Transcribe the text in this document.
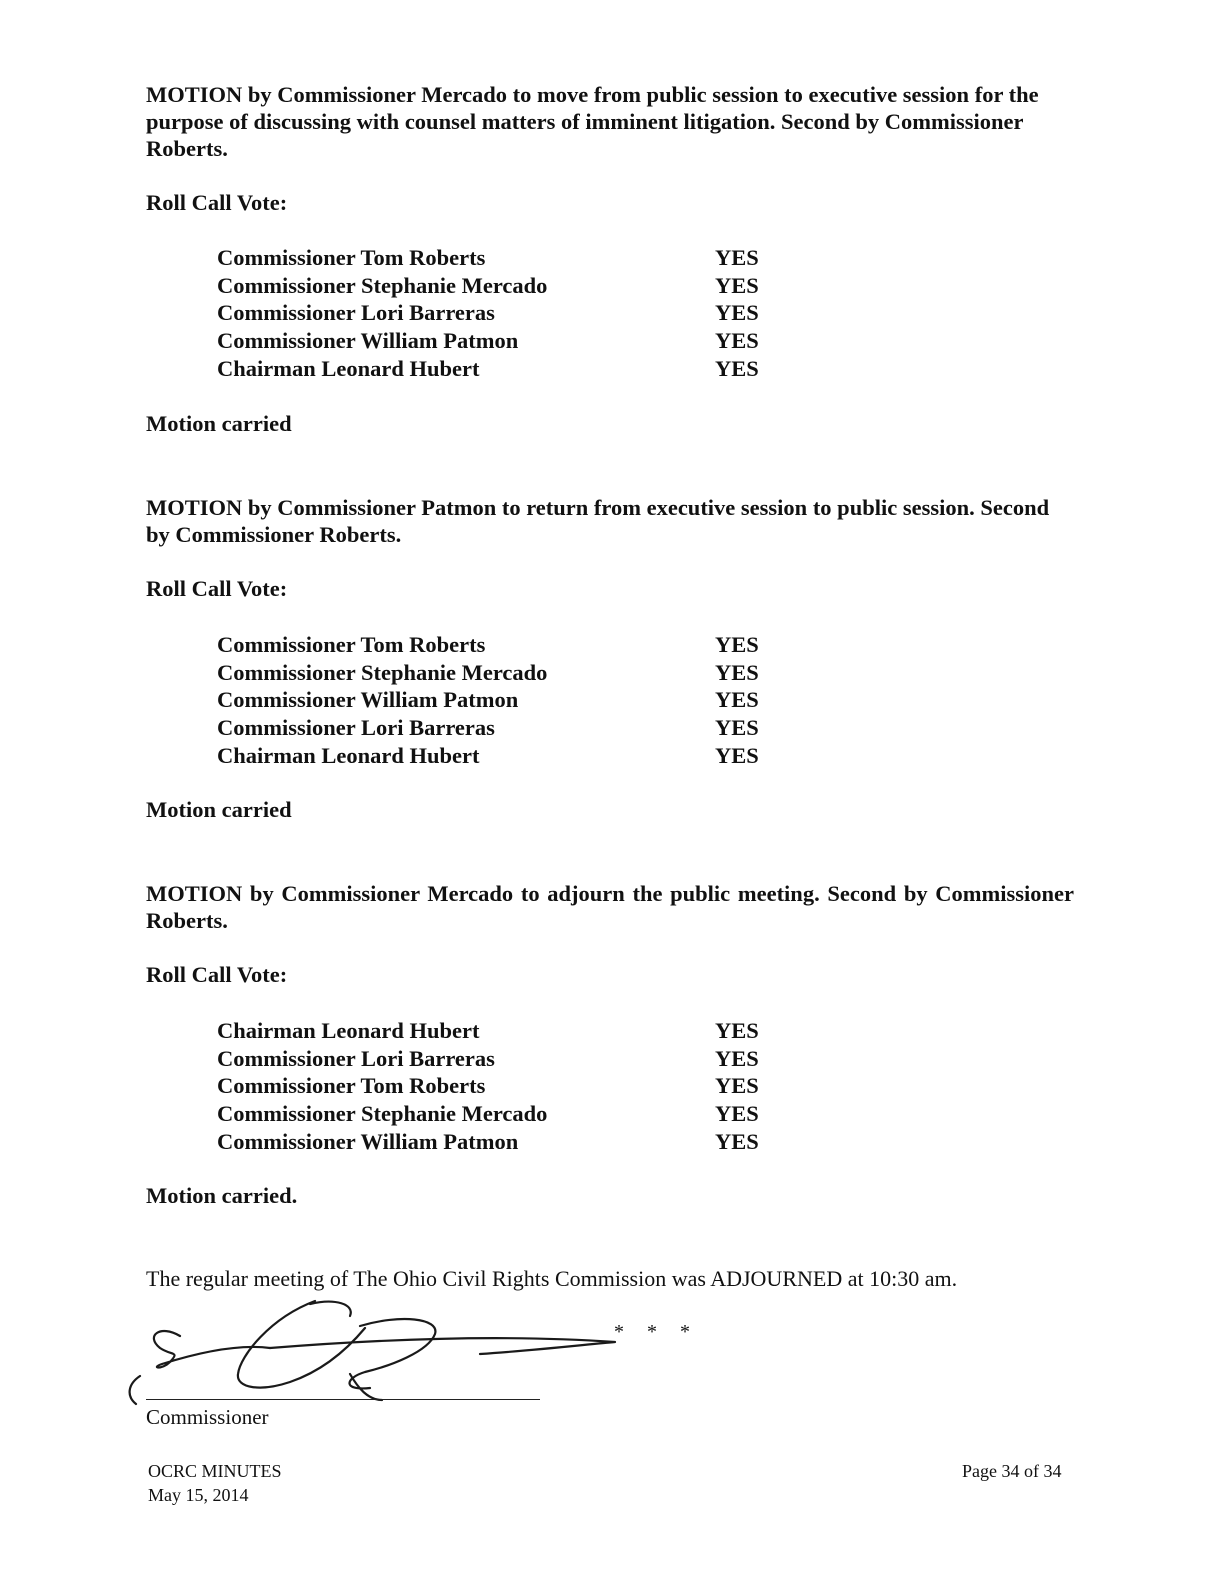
MOTION by Commissioner Mercado to move from public session to executive session for the purpose of discussing with counsel matters of imminent litigation. Second by Commissioner Roberts.
Roll Call Vote:
Commissioner Tom Roberts	YES
Commissioner Stephanie Mercado	YES
Commissioner Lori Barreras	YES
Commissioner William Patmon	YES
Chairman Leonard Hubert	YES
Motion carried
MOTION by Commissioner Patmon to return from executive session to public session. Second by Commissioner Roberts.
Roll Call Vote:
Commissioner Tom Roberts	YES
Commissioner Stephanie Mercado	YES
Commissioner William Patmon	YES
Commissioner Lori Barreras	YES
Chairman Leonard Hubert	YES
Motion carried
MOTION by Commissioner Mercado to adjourn the public meeting. Second by Commissioner Roberts.
Roll Call Vote:
Chairman Leonard Hubert	YES
Commissioner Lori Barreras	YES
Commissioner Tom Roberts	YES
Commissioner Stephanie Mercado	YES
Commissioner William Patmon	YES
Motion carried.
The regular meeting of The Ohio Civil Rights Commission was ADJOURNED at 10:30 am.
* * *
Commissioner
OCRC MINUTES
May 15, 2014
Page 34 of 34
